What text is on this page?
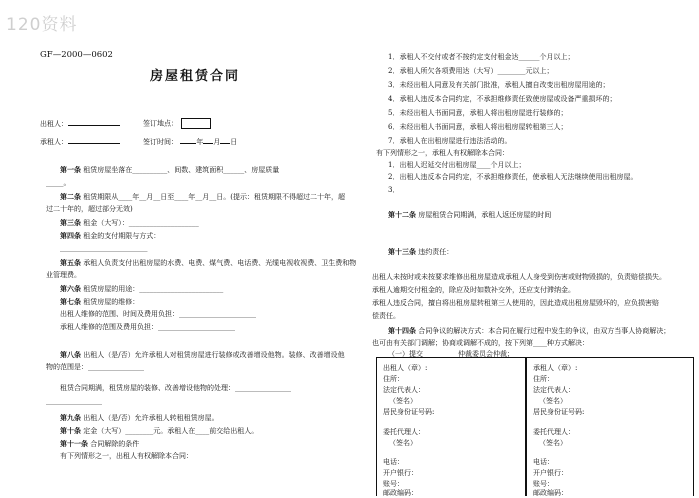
120资料
GF—2000—0602
房屋租赁合同
出租人：	签订地点：
承租人：	签订时间：	年 月 日
第一条 租赁房屋坐落在__________、间数、建筑面积______、房屋质量
_____。
第二条 租赁期限从____年__月__日至____年__月__日。(提示：租赁期限不得超过二十年，超
过二十年的，超过部分无效)
第三条 租金（大写）：____________________
第四条 租金的支付期限与方式：
_________________________
第五条 承租人负责支付出租房屋的水费、电费、煤气费、电话费、光缆电视收视费、卫生费和物
业管理费。
第六条 租赁房屋的用途：________________________
第七条 租赁房屋的维修：
出租人维修的范围、时间及费用负担：______________________
承租人维修的范围及费用负担：______________________
第八条 出租人（是/否）允许承租人对租赁房屋进行装修或改善增设他物。装修、改善增设他
物的范围是：________________
租赁合同期满，租赁房屋的装修、改善增设他物的处理：________________
________________
第九条 出租人（是/否）允许承租人转租租赁房屋。
第十条 定金（大写）________元。承租人在____前交给出租人。
第十一条 合同解除的条件
有下列情形之一，出租人有权解除本合同：
1．承租人不交付或者不按约定支付租金达______个月以上；
2．承租人所欠各项费用达（大写）________元以上；
3．未经出租人同意及有关部门批准，承租人擅自改变出租房屋用途的；
4．承租人违反本合同约定，不承担维修责任致使房屋或设备严重损坏的；
5．未经出租人书面同意，承租人将出租房屋进行装修的；
6．未经出租人书面同意，承租人将出租房屋转租第三人；
7．承租人在出租房屋进行违法活动的。
有下列情形之一，承租人有权解除本合同：
1．出租人迟延交付出租房屋____个月以上；
2．出租人违反本合同约定，不承担维修责任，使承租人无法继续使用出租房屋。
3．
第十二条 房屋租赁合同期满，承租人返还房屋的时间
第十三条 违约责任：
出租人未按时或未按要求维修出租房屋造成承租人人身受到伤害或财物毁损的，负责赔偿损失。
承租人逾期交付租金的，除应及时如数补交外，还应支付滞纳金。
承租人违反合同，擅自将出租房屋转租第三人使用的，因此造成出租房屋毁坏的，应负损害赔
偿责任。
第十四条 合同争议的解决方式：本合同在履行过程中发生的争议，由双方当事人协商解决；
也可由有关部门调解；协商或调解不成的，按下列第____种方式解决：
（一）提交__________仲裁委员会仲裁；
出租人（章）:
住所：
法定代表人：
（签名）
居民身份证号码:
委托代理人：
（签名）
电话：
开户银行：
账号：
邮政编码：
承租人（章）:
住所：
法定代表人：
（签名）
居民身份证号码:
委托代理人：
（签名）
电话：
开户银行：
账号：
邮政编码：
